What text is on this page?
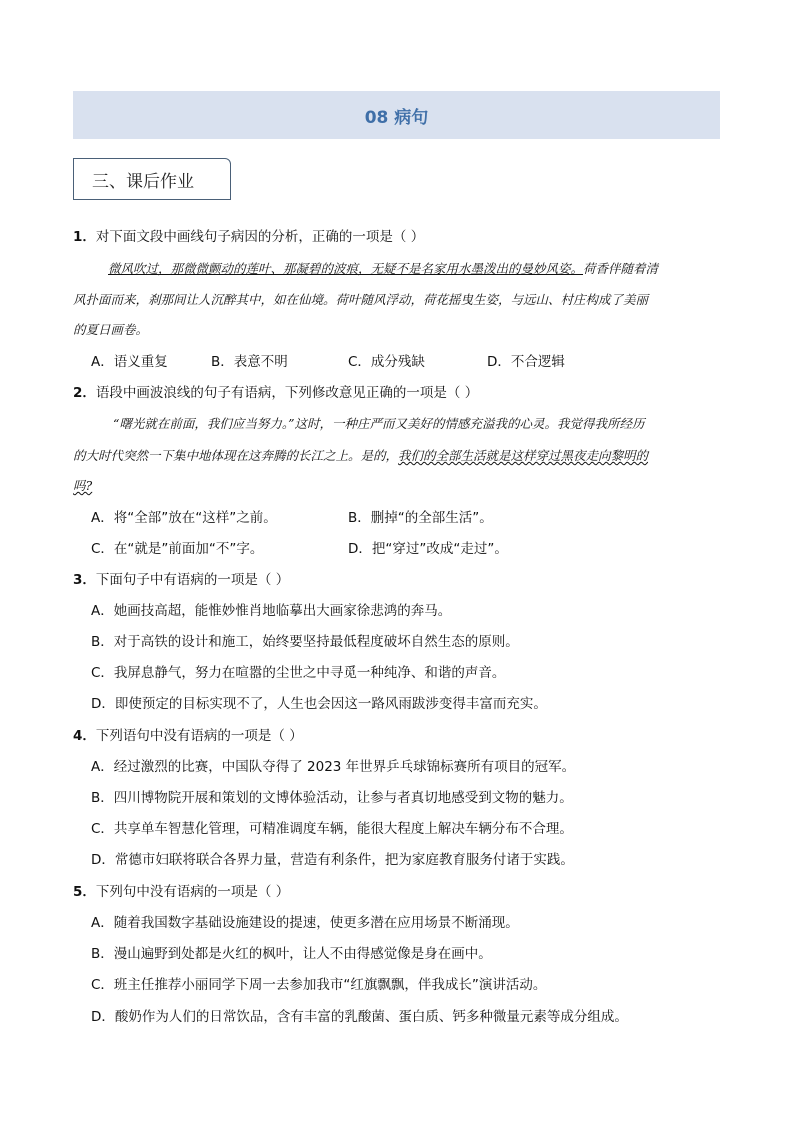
08 病句
三、课后作业
1．对下面文段中画线句子病因的分析，正确的一项是（ ）
微风吹过，那微微颤动的莲叶、那凝碧的波痕，无疑不是名家用水墨泼出的曼妙风姿。荷香伴随着清
风扑面而来，刹那间让人沉醉其中，如在仙境。荷叶随风浮动，荷花摇曳生姿，与远山、村庄构成了美丽
的夏日画卷。
A．语义重复	B．表意不明	C．成分残缺	D．不合逻辑
2．语段中画波浪线的句子有语病，下列修改意见正确的一项是（ ）
“曙光就在前面，我们应当努力。”这时，一种庄严而又美好的情感充溢我的心灵。我觉得我所经历
的大时代突然一下集中地体现在这奔腾的长江之上。是的，我们的全部生活就是这样穿过黑夜走向黎明的
吗?
A．将“全部”放在“这样”之前。	B．删掉“的全部生活”。
C．在“就是”前面加“不”字。	D．把“穿过”改成“走过”。
3．下面句子中有语病的一项是（ ）
A．她画技高超，能惟妙惟肖地临摹出大画家徐悲鸿的奔马。
B．对于高铁的设计和施工，始终要坚持最低程度破坏自然生态的原则。
C．我屏息静气，努力在喧嚣的尘世之中寻觅一种纯净、和谐的声音。
D．即使预定的目标实现不了，人生也会因这一路风雨跋涉变得丰富而充实。
4．下列语句中没有语病的一项是（ ）
A．经过激烈的比赛，中国队夺得了 2023 年世界乒乓球锦标赛所有项目的冠军。
B．四川博物院开展和策划的文博体验活动，让参与者真切地感受到文物的魅力。
C．共享单车智慧化管理，可精准调度车辆，能很大程度上解决车辆分布不合理。
D．常德市妇联将联合各界力量，营造有利条件，把为家庭教育服务付诸于实践。
5．下列句中没有语病的一项是（ ）
A．随着我国数字基础设施建设的提速，使更多潜在应用场景不断涌现。
B．漫山遍野到处都是火红的枫叶，让人不由得感觉像是身在画中。
C．班主任推荐小丽同学下周一去参加我市“红旗飘飘，伴我成长”演讲活动。
D．酸奶作为人们的日常饮品，含有丰富的乳酸菌、蛋白质、钙多种微量元素等成分组成。
